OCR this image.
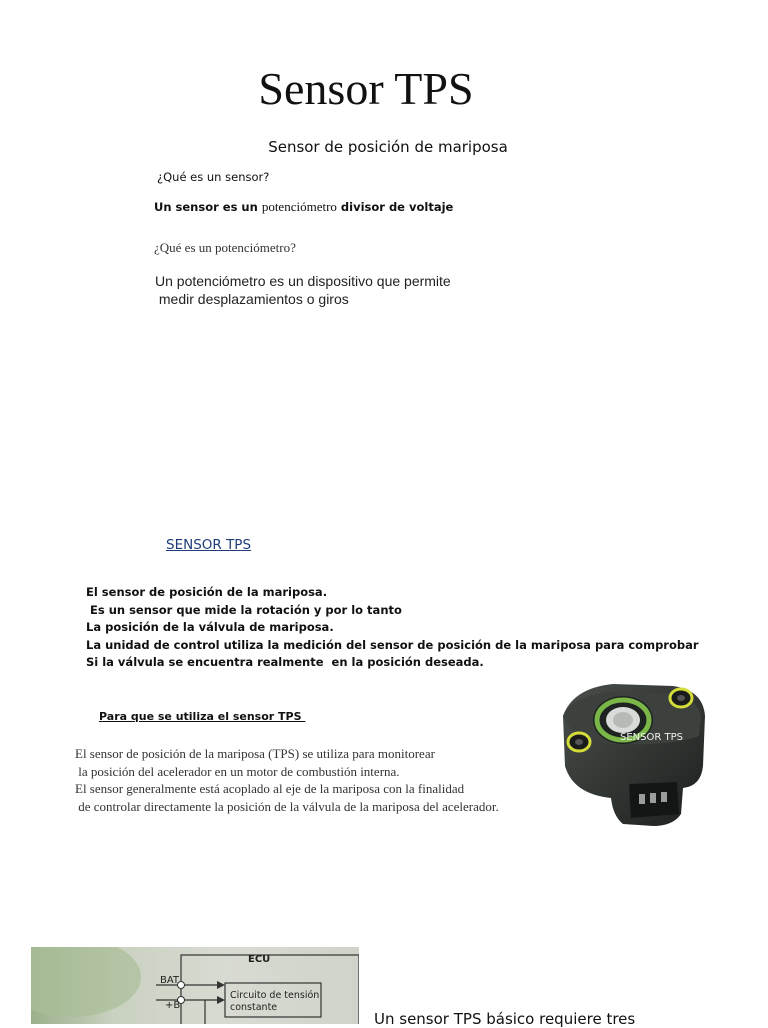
Sensor TPS
Sensor de posición de mariposa
¿Qué es un sensor?
Un sensor es un potenciómetro divisor de voltaje
¿Qué es un potenciómetro?
Un potenciómetro es un dispositivo que permite
medir desplazamientos o giros
SENSOR TPS
El sensor de posición de la mariposa.
Es un sensor que mide la rotación y por lo tanto
La posición de la válvula de mariposa.
La unidad de control utiliza la medición del sensor de posición de la mariposa para comprobar
Si la válvula se encuentra realmente  en la posición deseada.
Para que se utiliza el sensor TPS
El sensor de posición de la mariposa (TPS) se utiliza para monitorear
la posición del acelerador en un motor de combustión interna.
El sensor generalmente está acoplado al eje de la mariposa con la finalidad
de controlar directamente la posición de la válvula de la mariposa del acelerador.
SENSOR TPS
ECU
BAT
+B
Circuito de tensión
constante
Un sensor TPS básico requiere tres
